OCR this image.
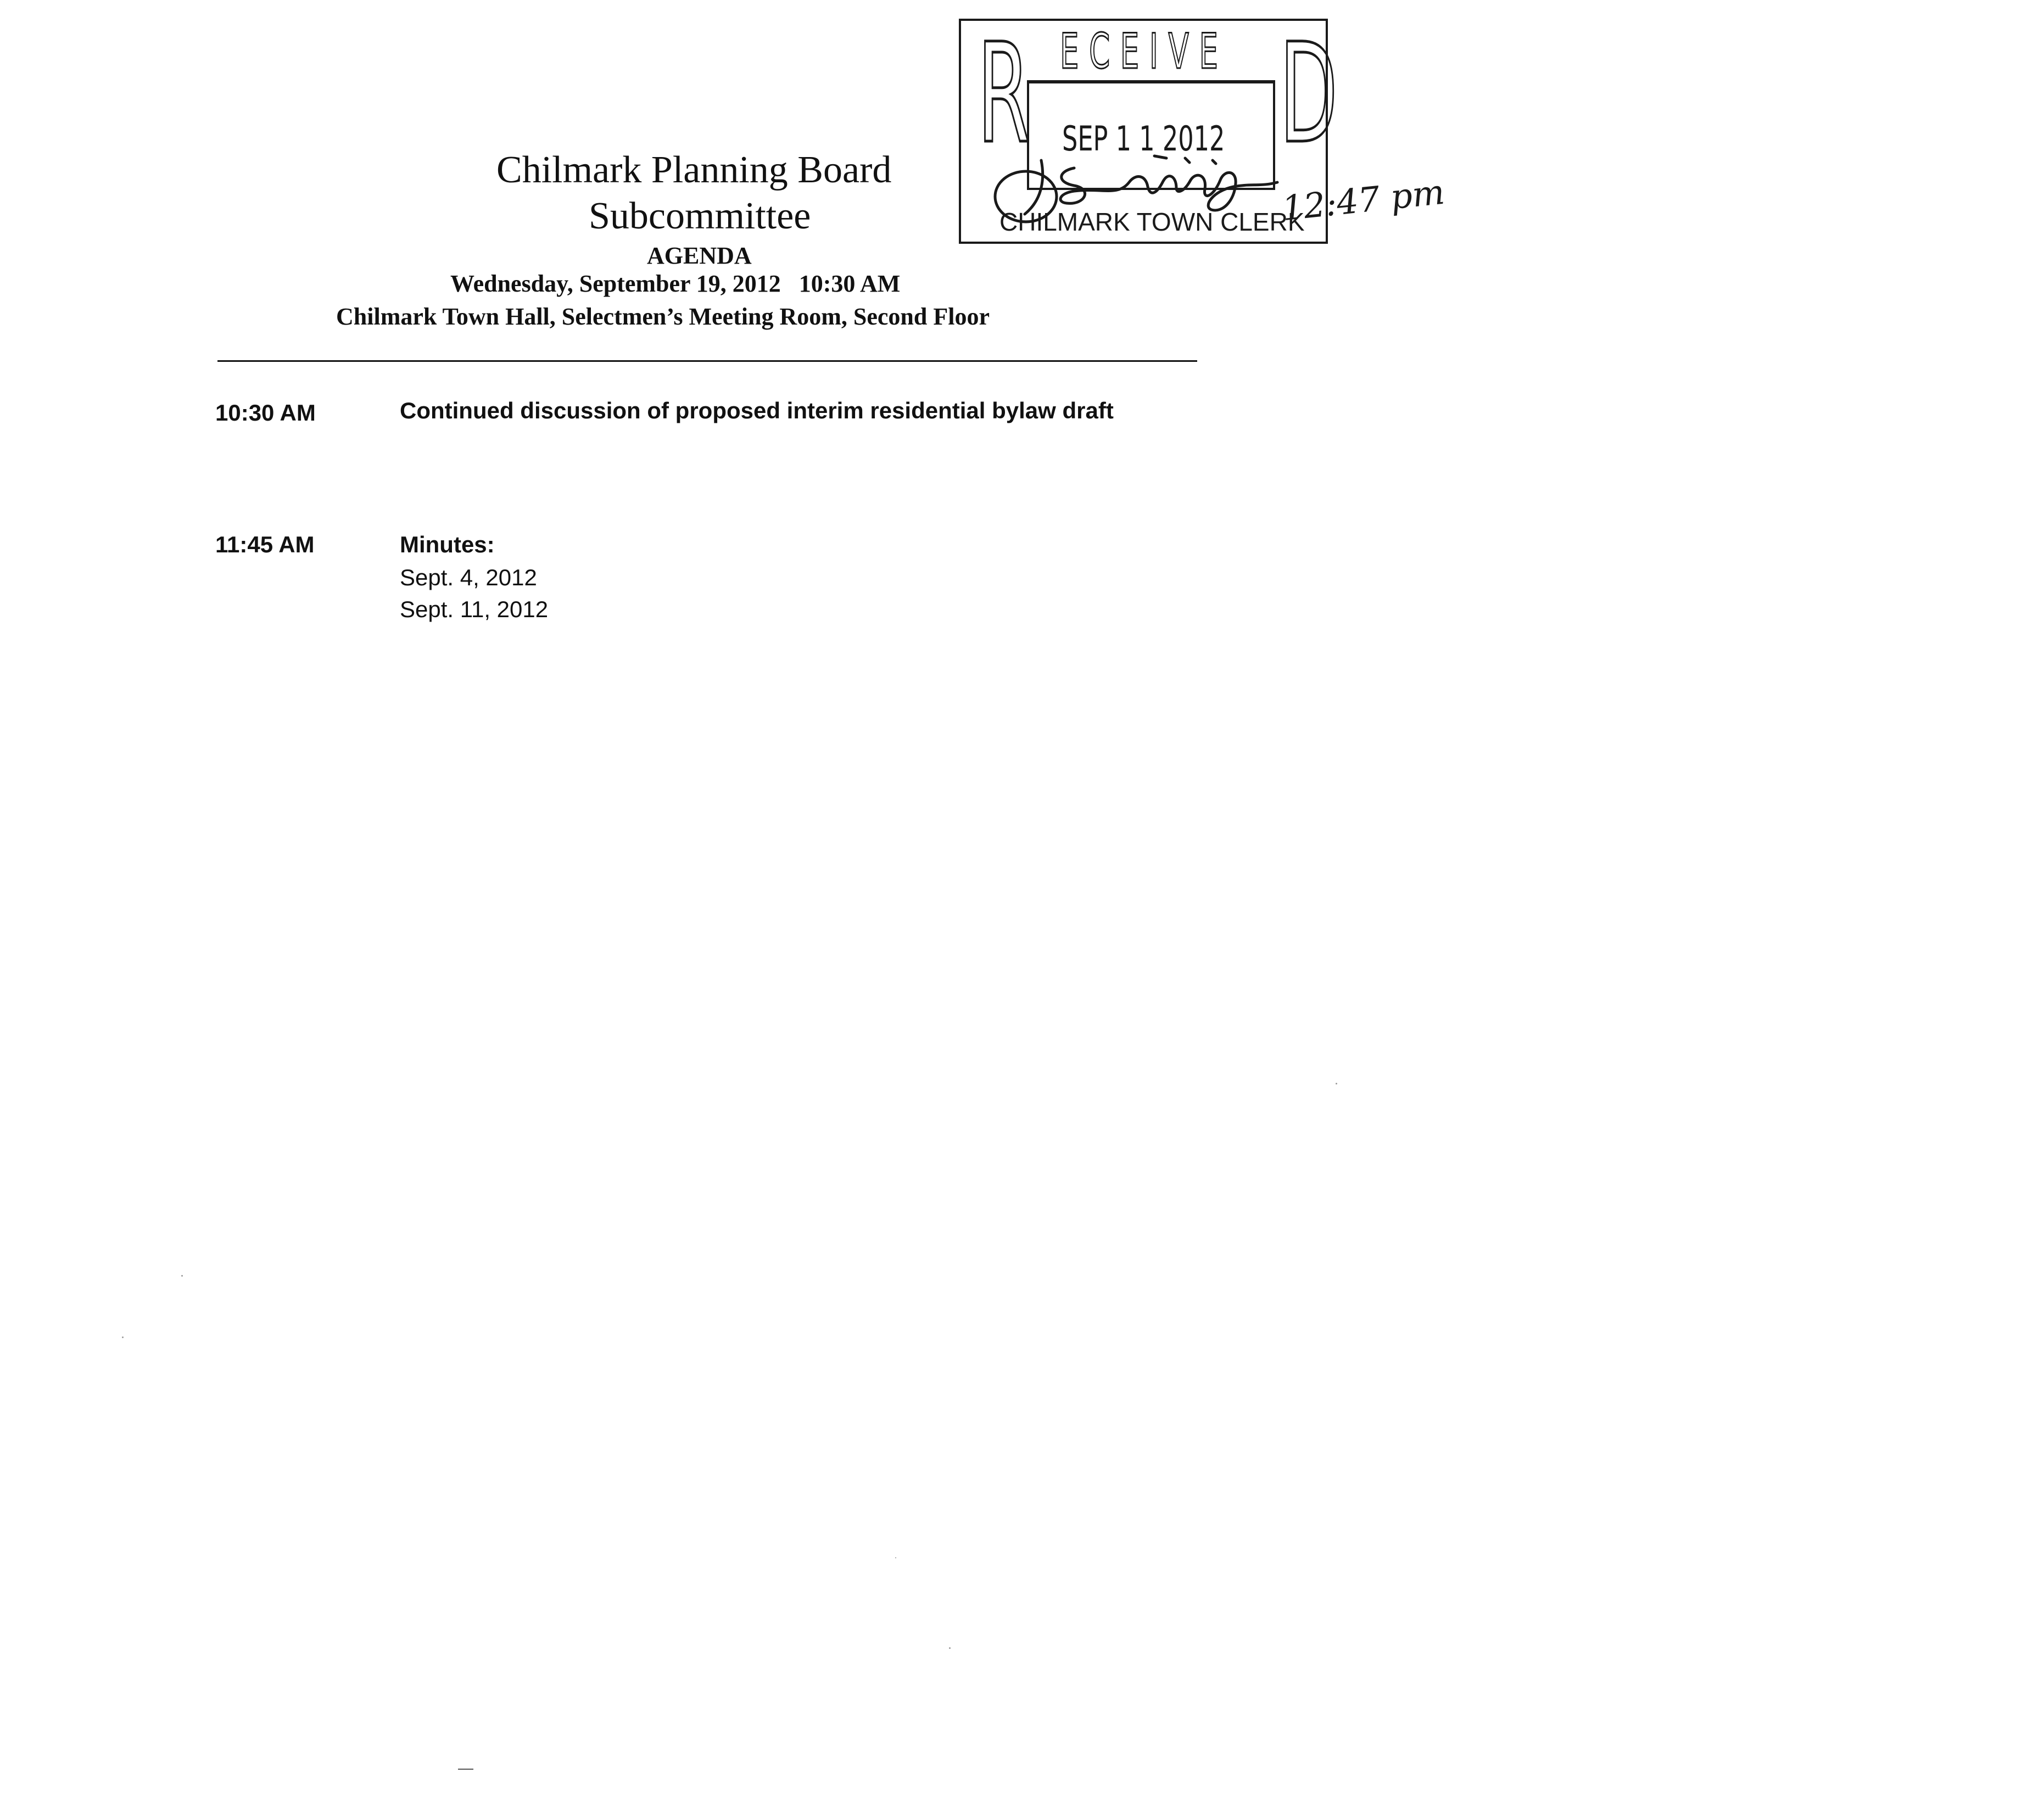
R ECEIVE D
SEP 1 1 2012
CHILMARK TOWN CLERK
12:47 pm
Chilmark Planning Board
Subcommittee
AGENDA
Wednesday, September 19, 2012   10:30 AM
Chilmark Town Hall, Selectmen’s Meeting Room, Second Floor
10:30 AM	Continued discussion of proposed interim residential bylaw draft
11:45 AM	Minutes:
Sept. 4, 2012
Sept. 11, 2012
